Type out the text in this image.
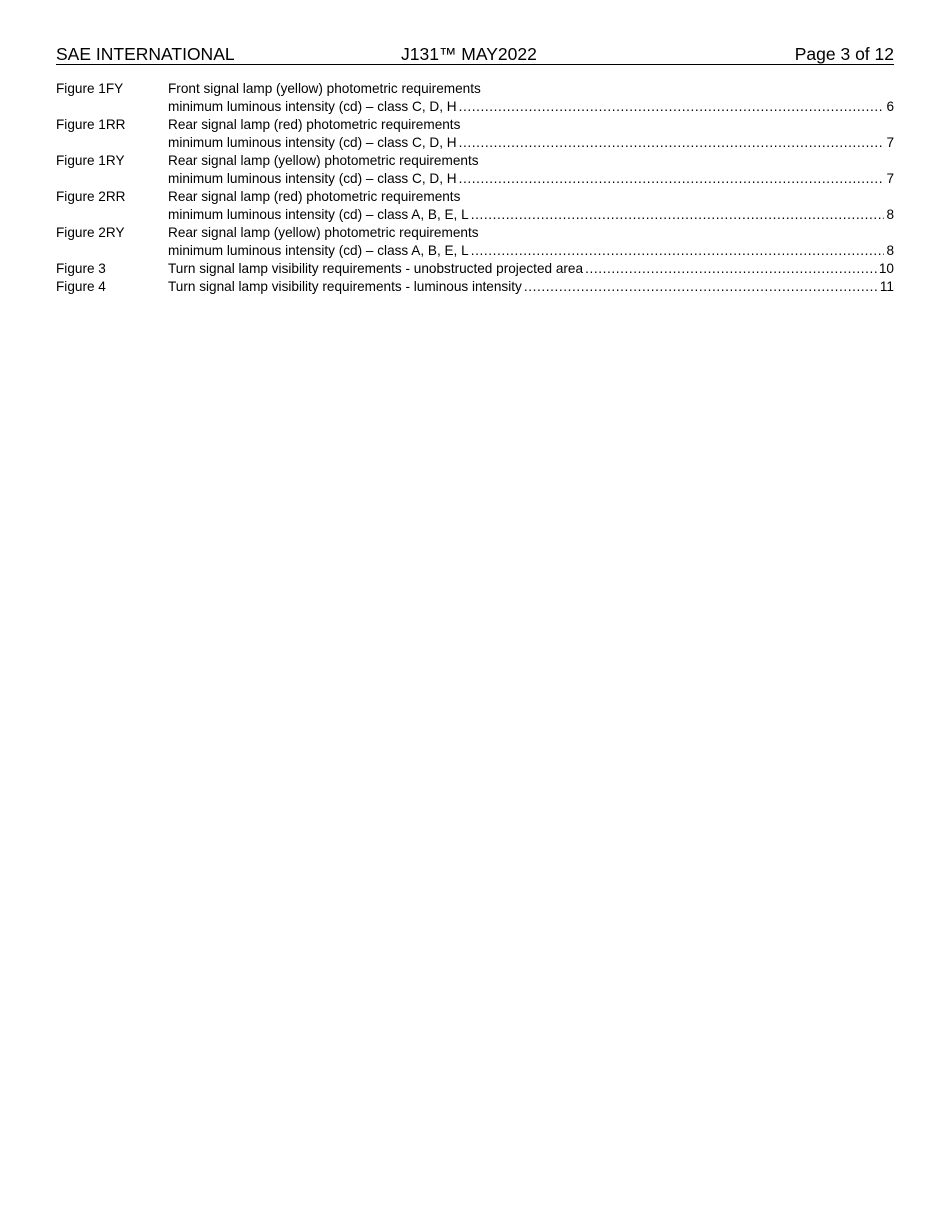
SAE INTERNATIONAL	J131™ MAY2022	Page 3 of 12
Figure 1FY	Front signal lamp (yellow) photometric requirements
minimum luminous intensity (cd) – class C, D, H .....	6
Figure 1RR	Rear signal lamp (red) photometric requirements
minimum luminous intensity (cd) – class C, D, H .....	7
Figure 1RY	Rear signal lamp (yellow) photometric requirements
minimum luminous intensity (cd) – class C, D, H .....	7
Figure 2RR	Rear signal lamp (red) photometric requirements
minimum luminous intensity (cd) – class A, B, E, L .....	8
Figure 2RY	Rear signal lamp (yellow) photometric requirements
minimum luminous intensity (cd) – class A, B, E, L .....	8
Figure 3	Turn signal lamp visibility requirements - unobstructed projected area .....	10
Figure 4	Turn signal lamp visibility requirements - luminous intensity .....	11
